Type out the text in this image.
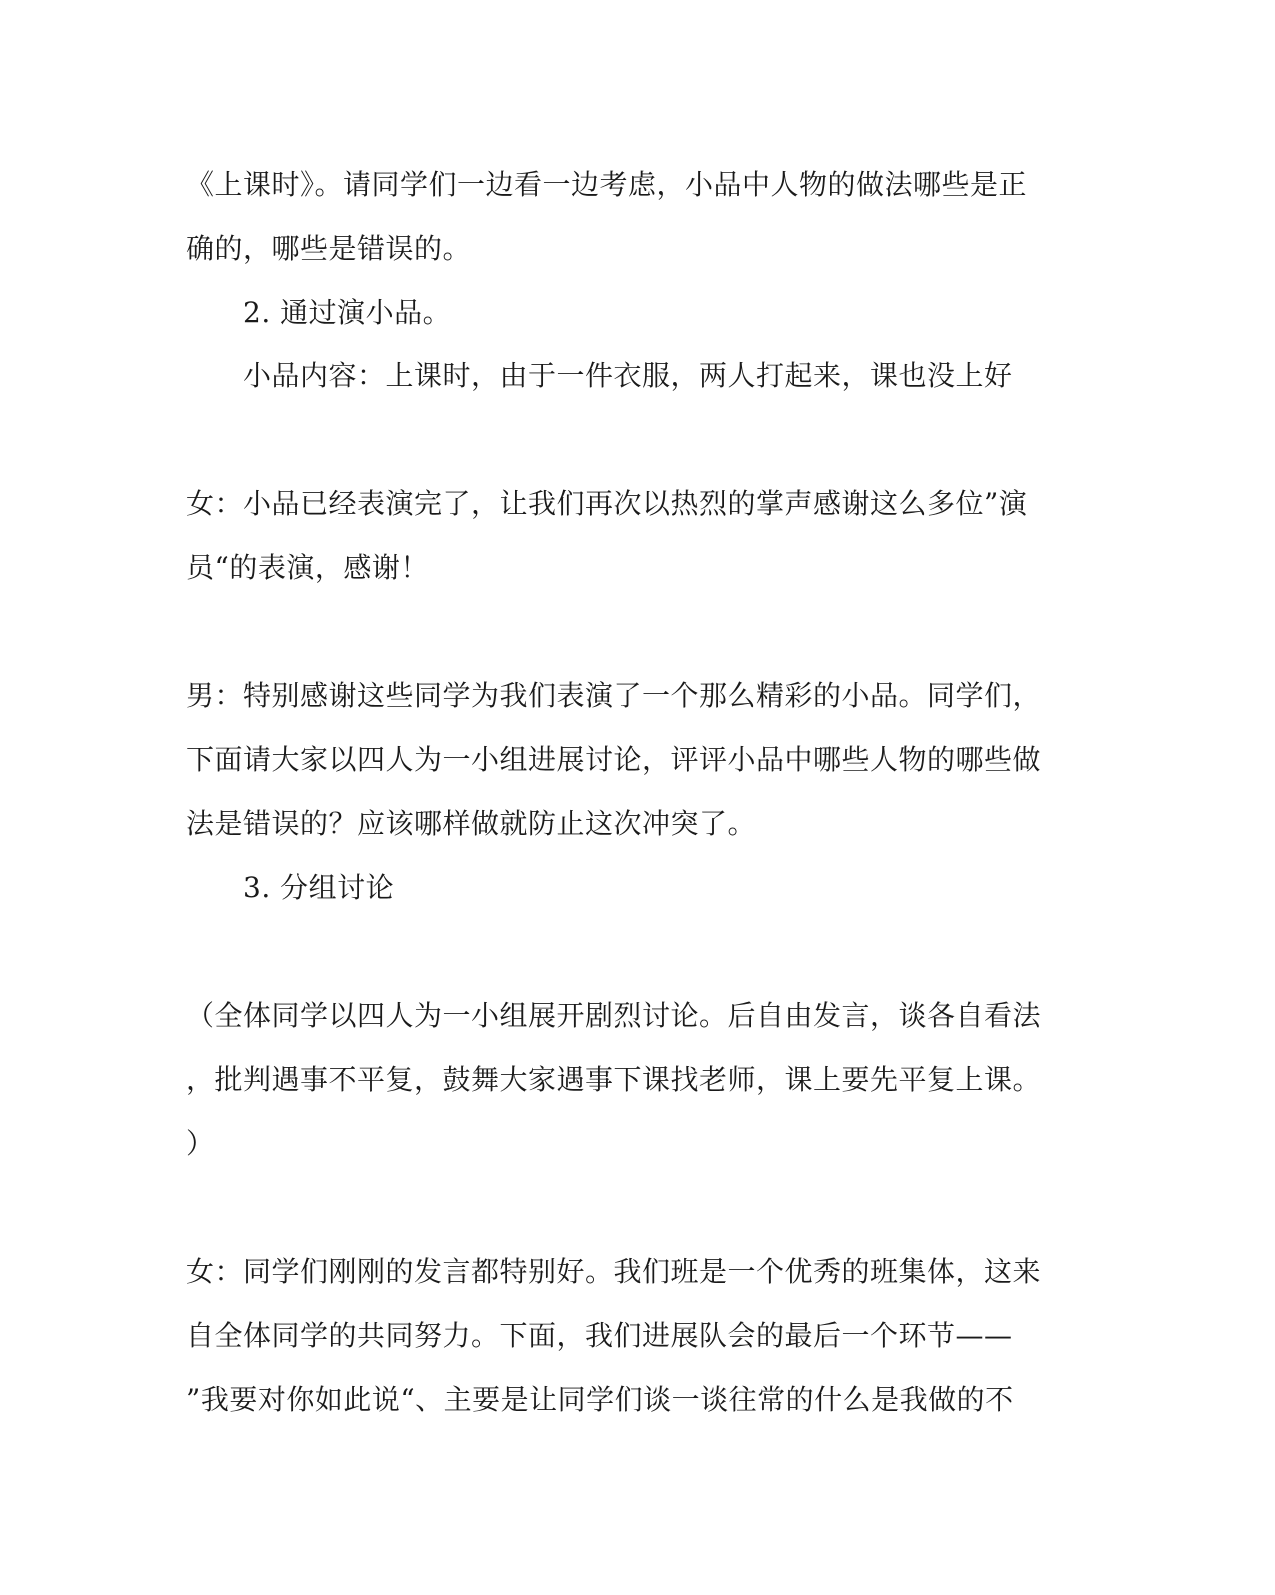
《上课时》。请同学们一边看一边考虑，小品中人物的做法哪些是正
确的，哪些是错误的。
2. 通过演小品。
小品内容：上课时，由于一件衣服，两人打起来，课也没上好
女：小品已经表演完了，让我们再次以热烈的掌声感谢这么多位”演
员“的表演，感谢！
男：特别感谢这些同学为我们表演了一个那么精彩的小品。同学们，
下面请大家以四人为一小组进展讨论，评评小品中哪些人物的哪些做
法是错误的？应该哪样做就防止这次冲突了。
3. 分组讨论
（全体同学以四人为一小组展开剧烈讨论。后自由发言，谈各自看法
，批判遇事不平复，鼓舞大家遇事下课找老师，课上要先平复上课。
）
女：同学们刚刚的发言都特别好。我们班是一个优秀的班集体，这来
自全体同学的共同努力。下面，我们进展队会的最后一个环节——
”我要对你如此说“、主要是让同学们谈一谈往常的什么是我做的不
